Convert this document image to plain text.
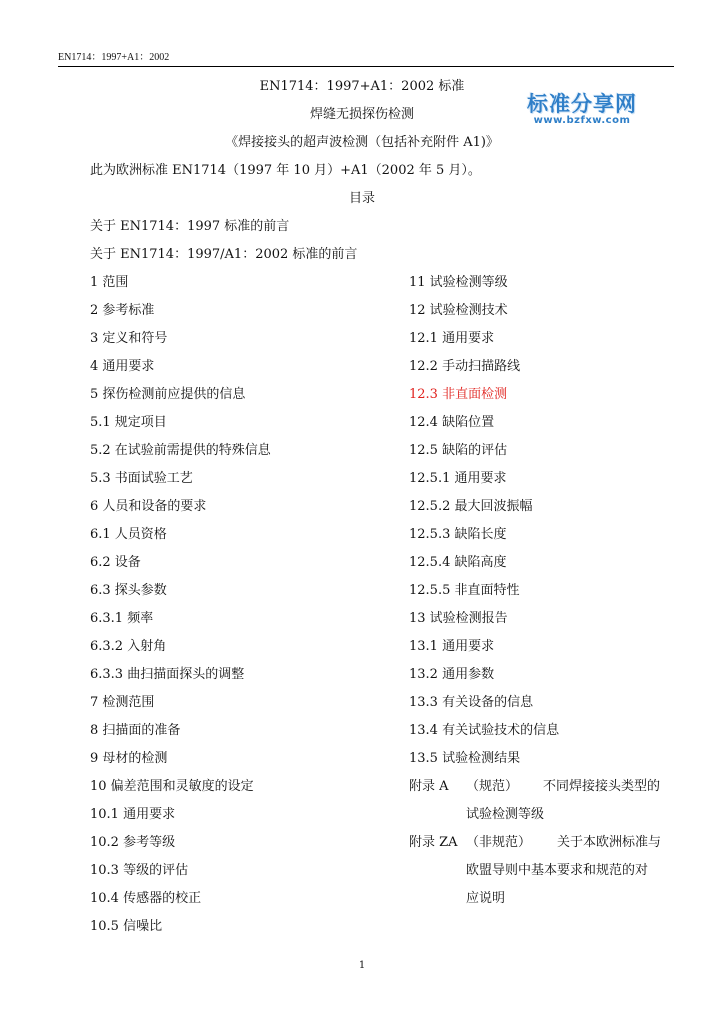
EN1714：1997+A1：2002
EN1714：1997+A1：2002 标准
焊缝无损探伤检测
《焊接接头的超声波检测（包括补充附件 A1)》
标准分享网
www.bzfxw.com
此为欧洲标准 EN1714（1997 年 10 月）+A1（2002 年 5 月）。
目录
关于 EN1714：1997 标准的前言
关于 EN1714：1997/A1：2002 标准的前言
1 范围
2 参考标准
3 定义和符号
4 通用要求
5 探伤检测前应提供的信息
5.1 规定项目
5.2 在试验前需提供的特殊信息
5.3 书面试验工艺
6 人员和设备的要求
6.1 人员资格
6.2 设备
6.3 探头参数
6.3.1 频率
6.3.2 入射角
6.3.3 曲扫描面探头的调整
7 检测范围
8 扫描面的准备
9 母材的检测
10 偏差范围和灵敏度的设定
10.1 通用要求
10.2 参考等级
10.3 等级的评估
10.4 传感器的校正
10.5 信噪比
11 试验检测等级
12 试验检测技术
12.1 通用要求
12.2 手动扫描路线
12.3 非直面检测
12.4 缺陷位置
12.5 缺陷的评估
12.5.1 通用要求
12.5.2 最大回波振幅
12.5.3 缺陷长度
12.5.4 缺陷高度
12.5.5 非直面特性
13 试验检测报告
13.1 通用要求
13.2 通用参数
13.3 有关设备的信息
13.4 有关试验技术的信息
13.5 试验检测结果
附录 A （规范） 不同焊接接头类型的
试验检测等级
附录 ZA （非规范） 关于本欧洲标准与
欧盟导则中基本要求和规范的对
应说明
1
